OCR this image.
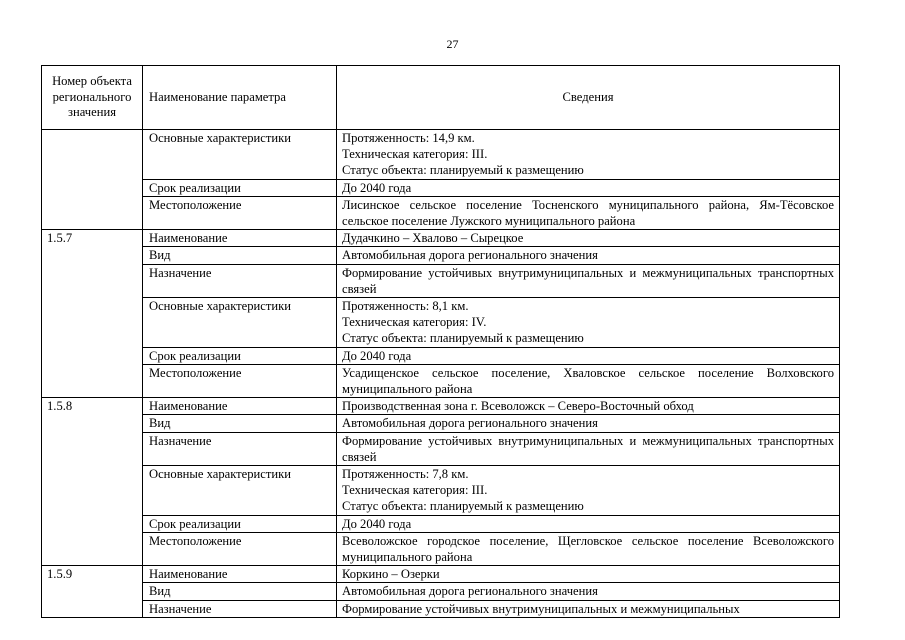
27
Номер объекта регионального значения	Наименование параметра	Сведения
	Основные характеристики	Протяженность: 14,9 км.
Техническая категория: III.
Статус объекта: планируемый к размещению

	Срок реализации	До 2040 года

	Местоположение	Лисинское сельское поселение Тосненского муниципального района, Ям-Тёсовское сельское поселение Лужского муниципального района

1.5.7	Наименование	Дудачкино – Хвалово – Сырецкое

	Вид	Автомобильная дорога регионального значения

	Назначение	Формирование устойчивых внутримуниципальных и межмуниципальных транспортных связей

	Основные характеристики	Протяженность: 8,1 км.
Техническая категория: IV.
Статус объекта: планируемый к размещению

	Срок реализации	До 2040 года

	Местоположение	Усадищенское сельское поселение, Хваловское сельское поселение Волховского муниципального района

1.5.8	Наименование	Производственная зона г. Всеволожск – Северо-Восточный обход

	Вид	Автомобильная дорога регионального значения

	Назначение	Формирование устойчивых внутримуниципальных и межмуниципальных транспортных связей

	Основные характеристики	Протяженность: 7,8 км.
Техническая категория: III.
Статус объекта: планируемый к размещению

	Срок реализации	До 2040 года

	Местоположение	Всеволожское городское поселение, Щегловское сельское поселение Всеволожского муниципального района

1.5.9	Наименование	Коркино – Озерки

	Вид	Автомобильная дорога регионального значения

	Назначение	Формирование устойчивых внутримуниципальных и межмуниципальных
